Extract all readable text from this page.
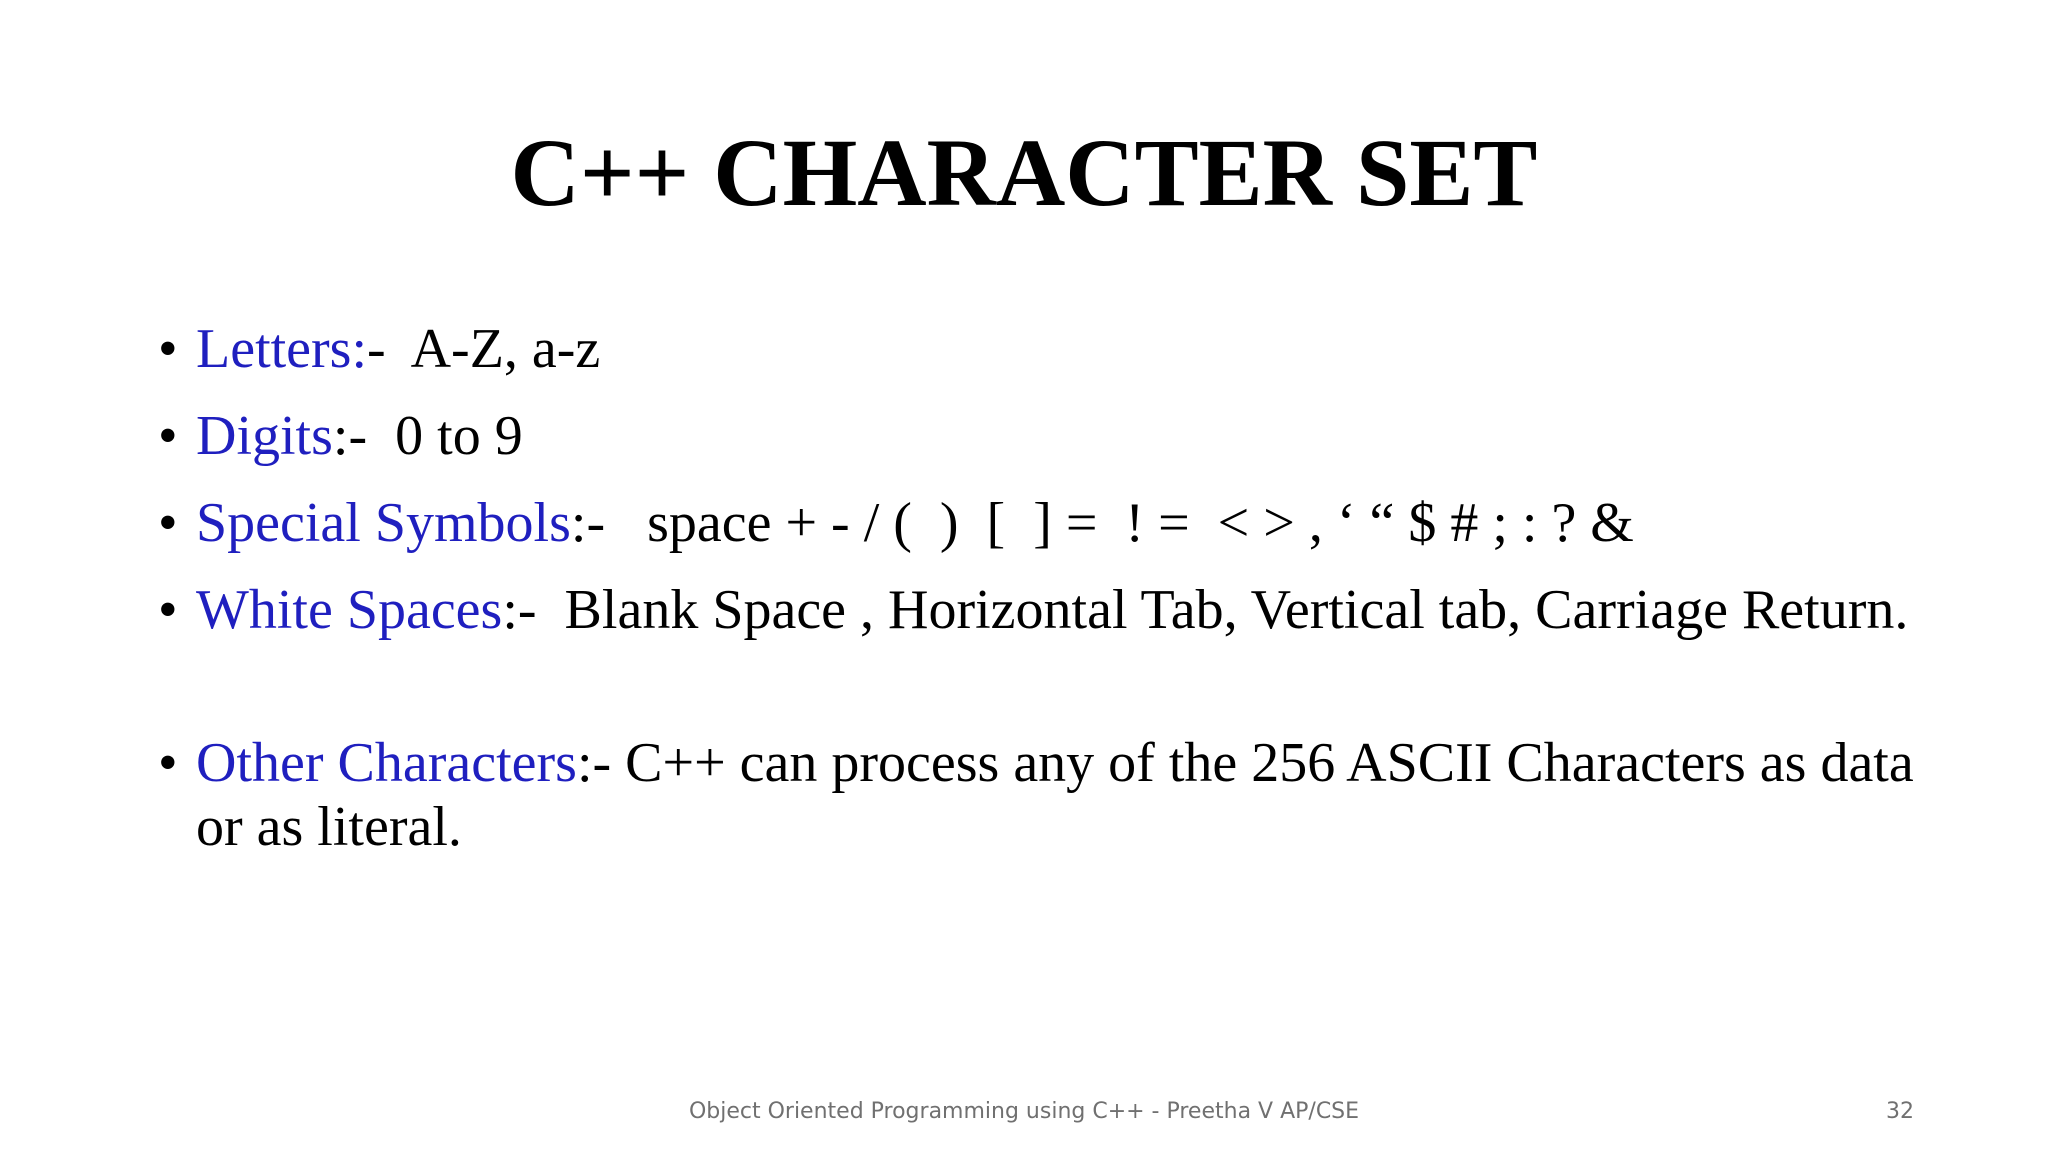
C++ CHARACTER SET
• Letters:-  A-Z, a-z
• Digits:-  0 to 9
• Special Symbols:-   space + - / (  )  [  ] =  ! =  < > , ‘ “ $ # ; : ? &
• White Spaces:-  Blank Space , Horizontal Tab, Vertical tab, Carriage Return.
• Other Characters:- C++ can process any of the 256 ASCII Characters as data or as literal.
Object Oriented Programming using C++ - Preetha V AP/CSE	32
